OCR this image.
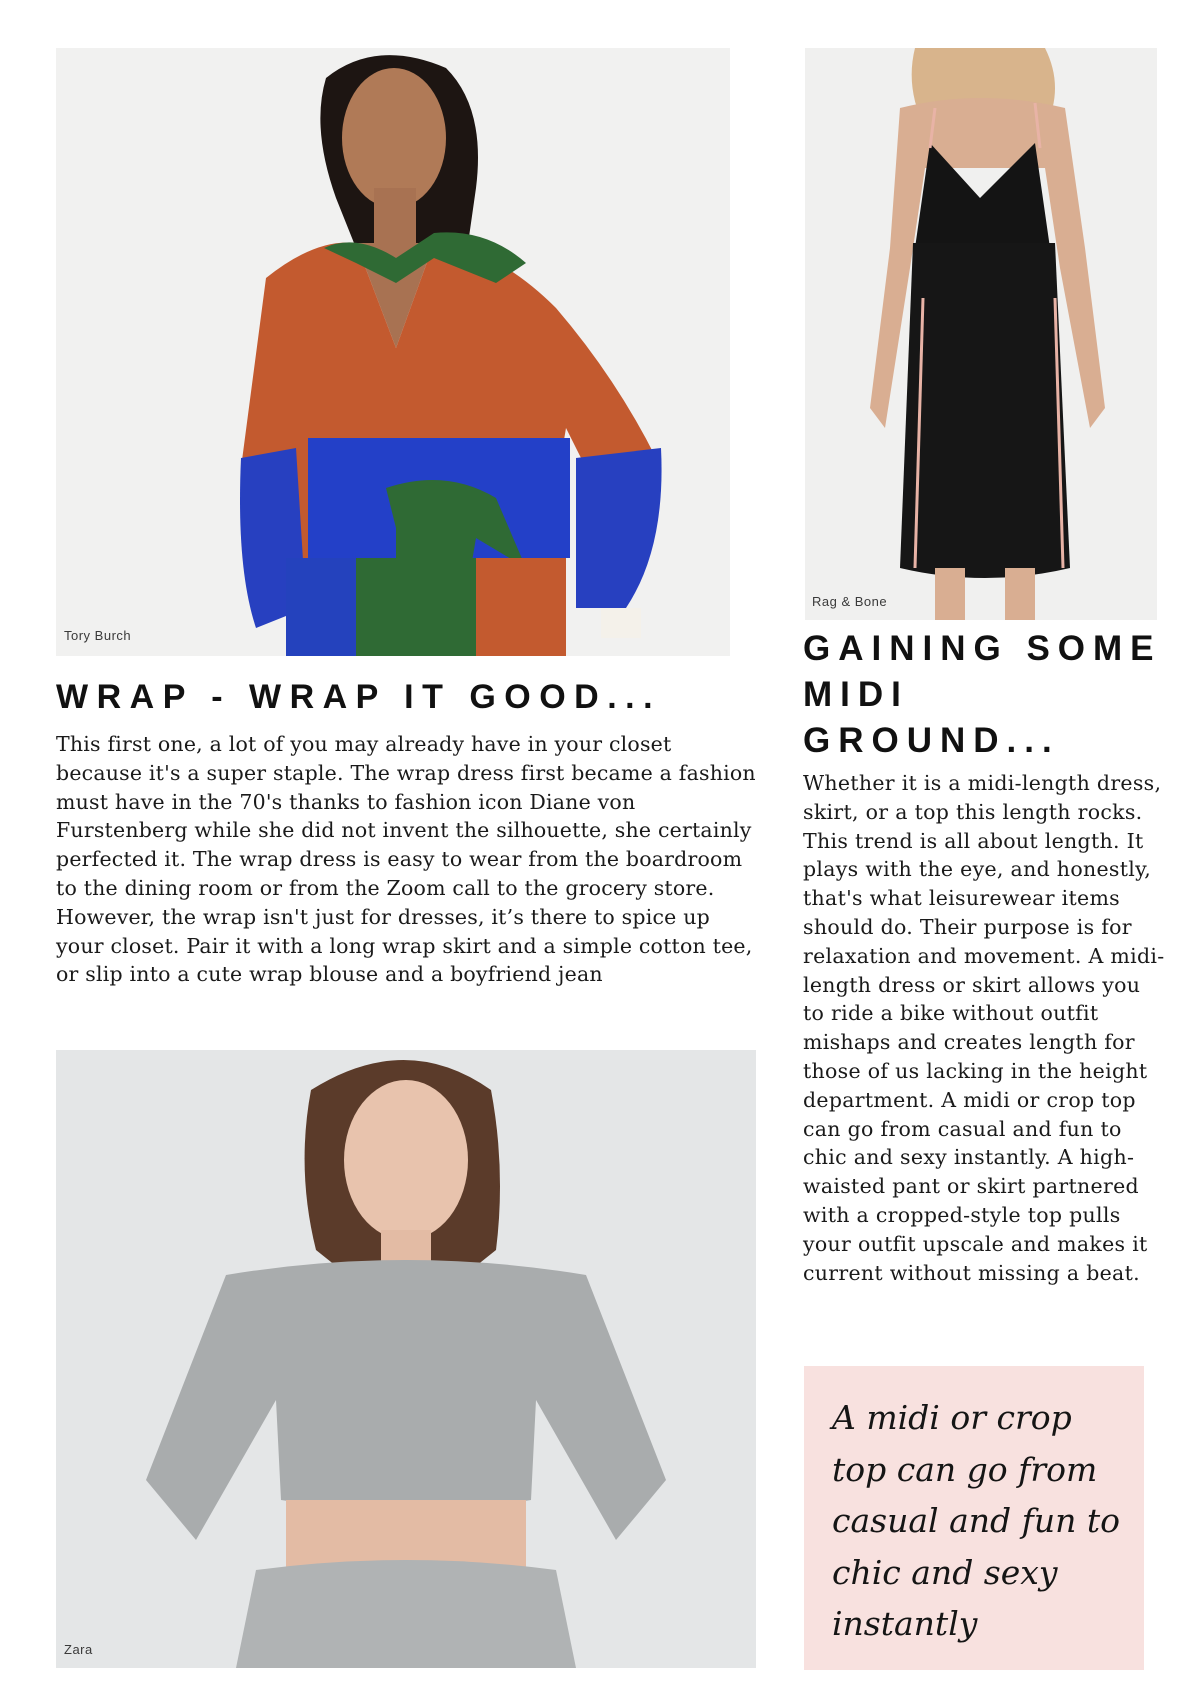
Tory Burch
Rag & Bone
WRAP - WRAP IT GOOD...

This first one, a lot of you may already have in your closet because it's a super staple. The wrap dress first became a fashion must have in the 70's thanks to fashion icon Diane von Furstenberg while she did not invent the silhouette, she certainly perfected it. The wrap dress is easy to wear from the boardroom to the dining room or from the Zoom call to the grocery store. However, the wrap isn't just for dresses, it’s there to spice up your closet. Pair it with a long wrap skirt and a simple cotton tee, or slip into a cute wrap blouse and a boyfriend jean

GAINING SOME MIDI GROUND...

Whether it is a midi-length dress, skirt, or a top this length rocks. This trend is all about length. It plays with the eye, and honestly, that's what leisurewear items should do. Their purpose is for relaxation and movement. A midi-length dress or skirt allows you to ride a bike without outfit mishaps and creates length for those of us lacking in the height department. A midi or crop top can go from casual and fun to chic and sexy instantly. A high-waisted pant or skirt partnered with a cropped-style top pulls your outfit upscale and makes it current without missing a beat.

Zara

A midi or crop top can go from casual and fun to chic and sexy instantly
